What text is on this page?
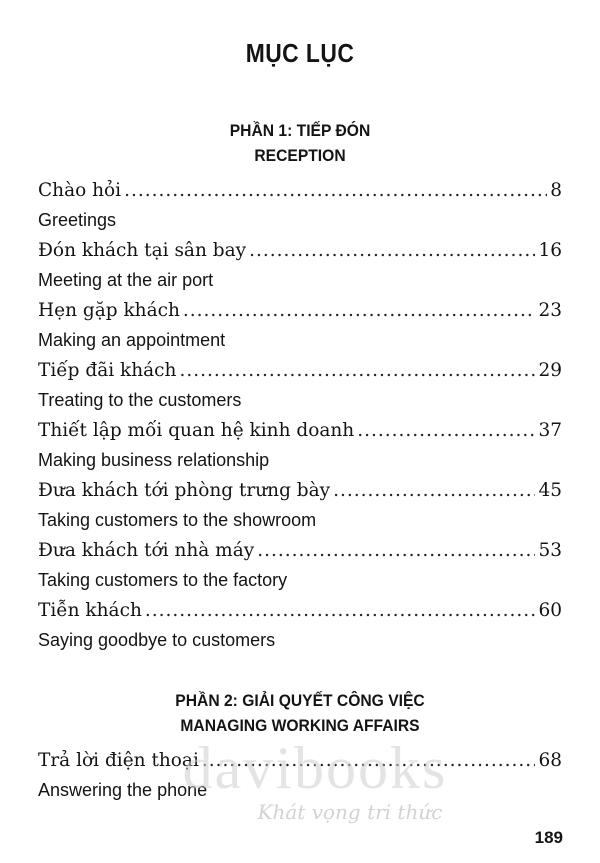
MỤC LỤC
PHẦN 1: TIẾP ĐÓN
RECEPTION
Chào hỏi .....	8
Greetings
Đón khách tại sân bay .....	16
Meeting at the air port
Hẹn gặp khách .....	23
Making an appointment
Tiếp đãi khách .....	29
Treating to the customers
Thiết lập mối quan hệ kinh doanh .....	37
Making business relationship
Đưa khách tới phòng trưng bày .....	45
Taking customers to the showroom
Đưa khách tới nhà máy .....	53
Taking customers to the factory
Tiễn khách .....	60
Saying goodbye to customers
PHẦN 2: GIẢI QUYẾT CÔNG VIỆC
MANAGING WORKING AFFAIRS
Trả lời điện thoại .....	68
Answering the phone
davibooks
Khát vọng tri thức
189
